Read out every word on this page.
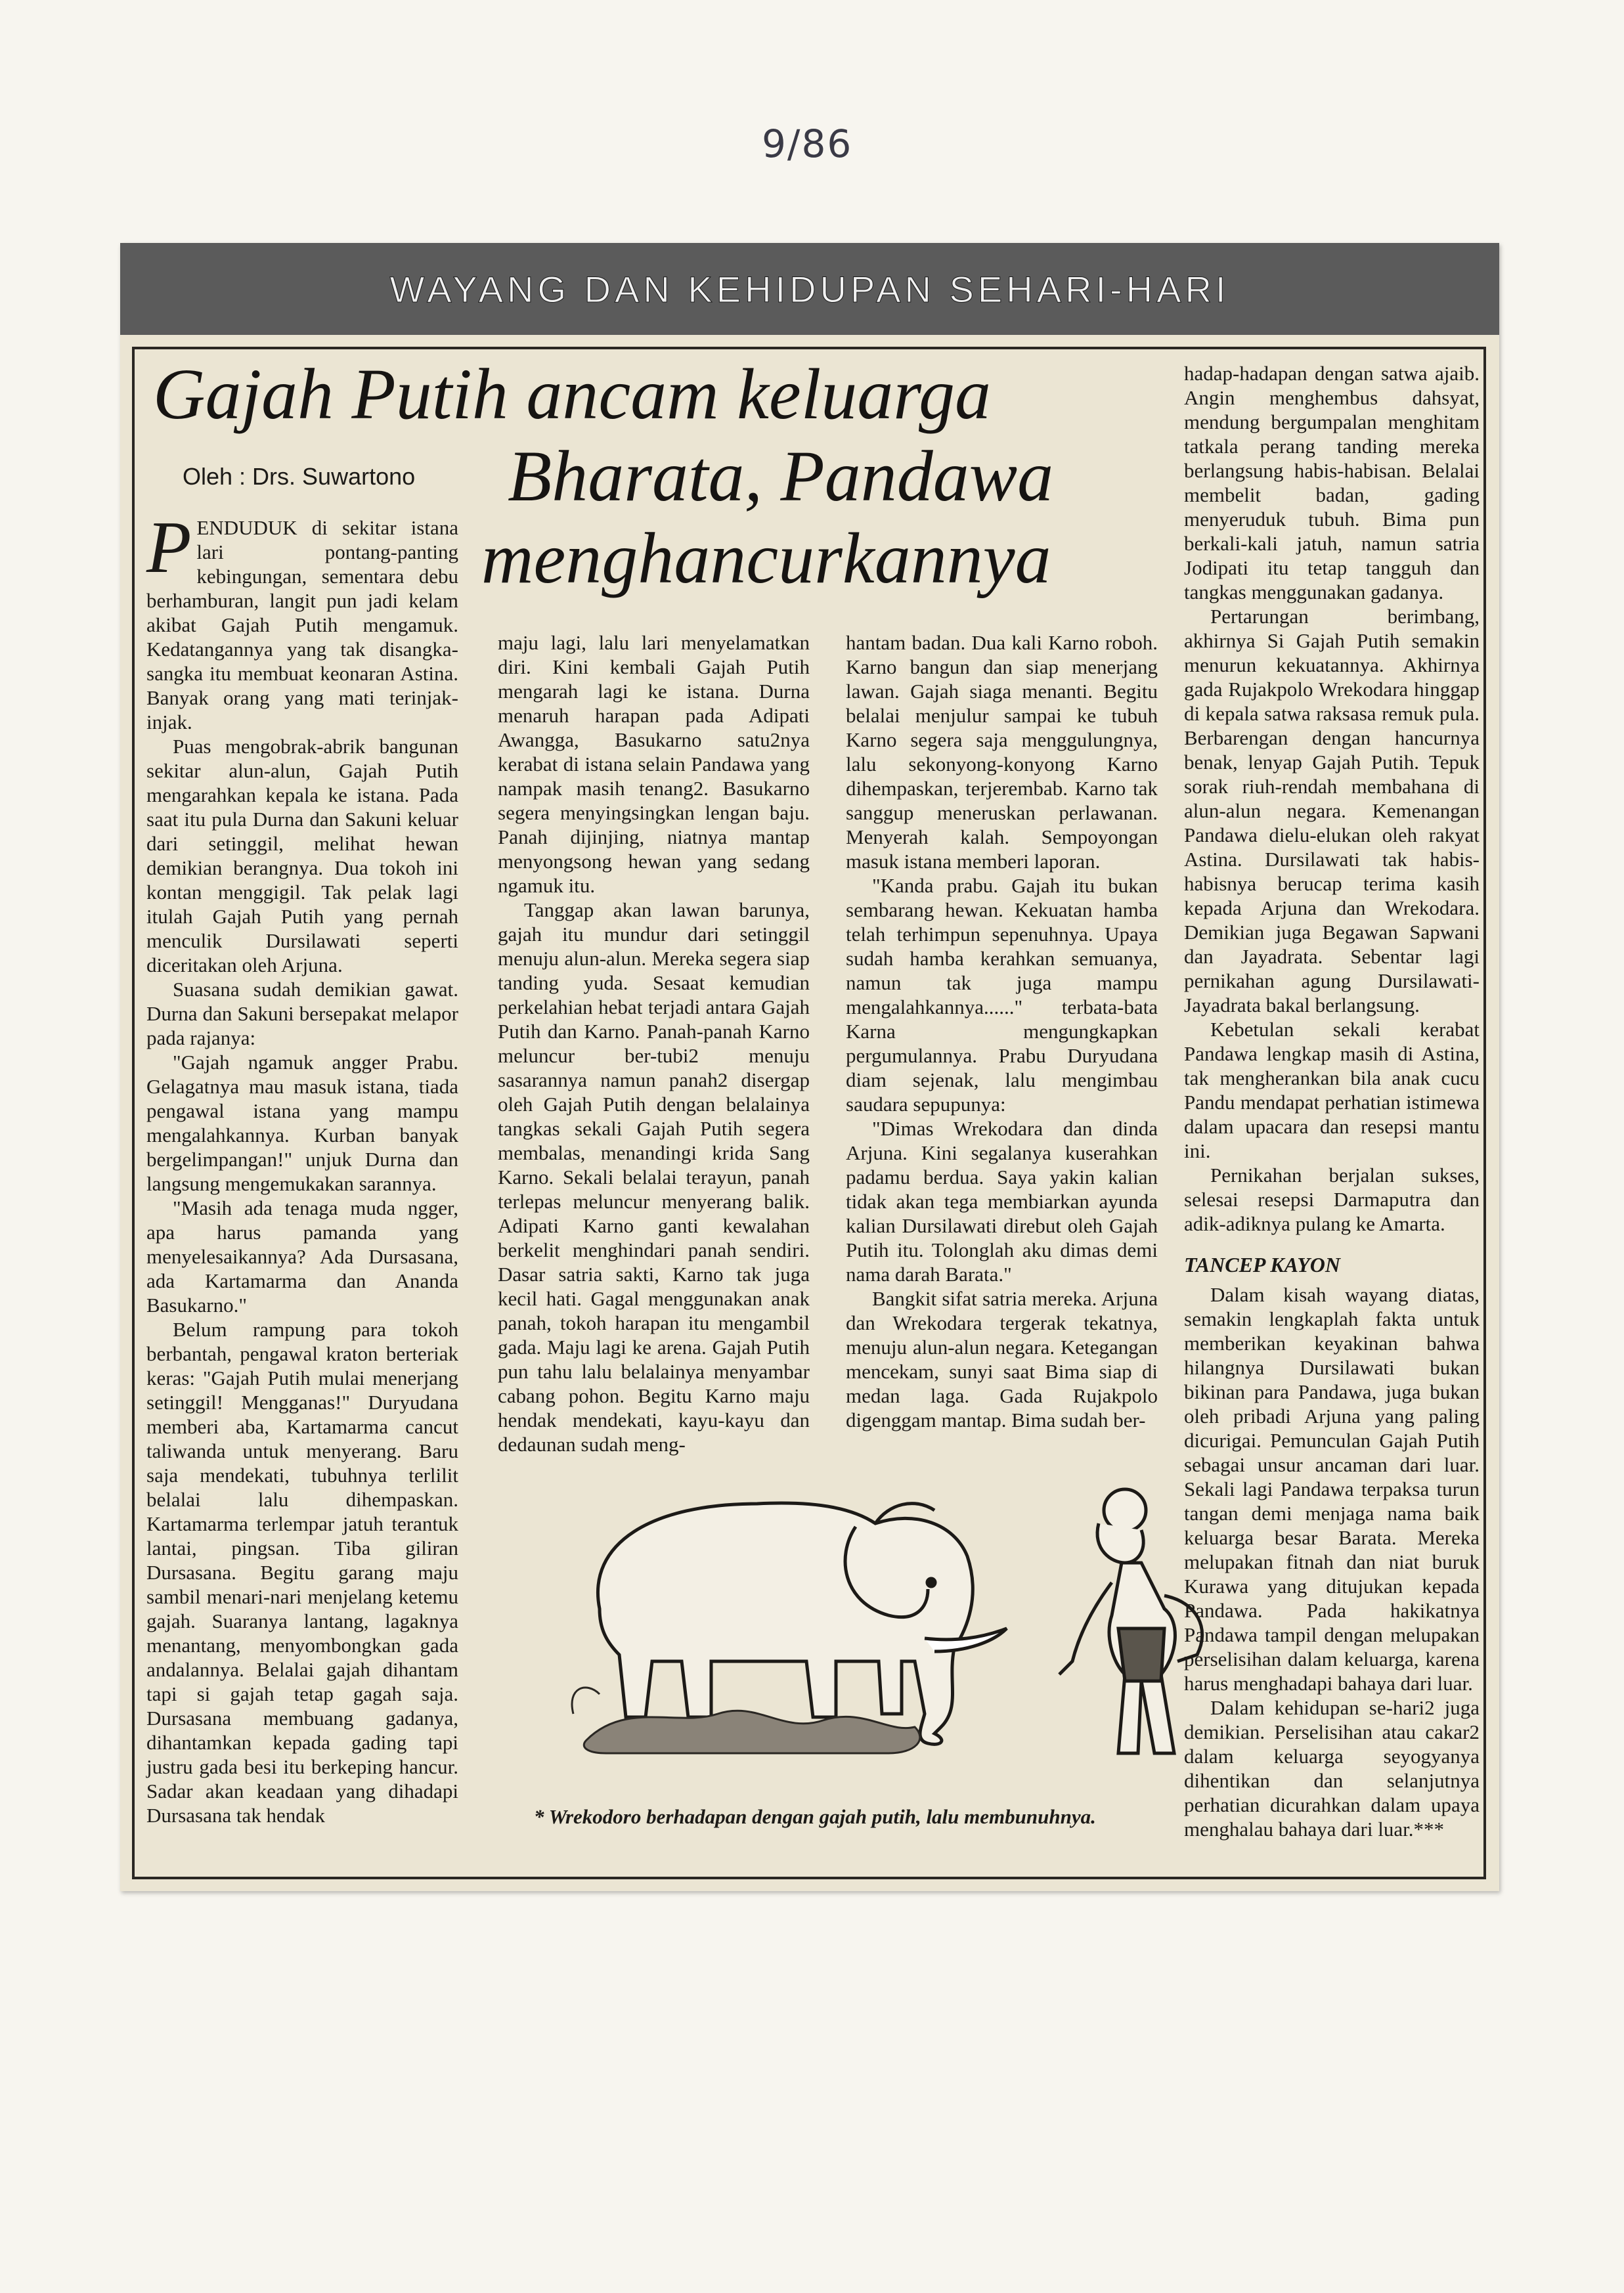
9/86
WAYANG DAN KEHIDUPAN SEHARI-HARI
Gajah Putih ancam keluarga
Bharata, Pandawa
menghancurkannya
Oleh : Drs. Suwartono

PENDUDUK di sekitar istana lari pontang-panting kebingungan, sementara debu berhamburan, langit pun jadi kelam akibat Gajah Putih mengamuk. Kedatangannya yang tak disangka-sangka itu membuat keonaran Astina. Banyak orang yang mati terinjak-injak.

Puas mengobrak-abrik bangunan sekitar alun-alun, Gajah Putih mengarahkan kepala ke istana. Pada saat itu pula Durna dan Sakuni keluar dari setinggil, melihat hewan demikian berangnya. Dua tokoh ini kontan menggigil. Tak pelak lagi itulah Gajah Putih yang pernah menculik Dursilawati seperti diceritakan oleh Arjuna.

Suasana sudah demikian gawat. Durna dan Sakuni bersepakat melapor pada rajanya:

"Gajah ngamuk angger Prabu. Gelagatnya mau masuk istana, tiada pengawal istana yang mampu mengalahkannya. Kurban banyak bergelimpangan!" unjuk Durna dan langsung mengemukakan sarannya.

"Masih ada tenaga muda ngger, apa harus pamanda yang menyelesaikannya? Ada Dursasana, ada Kartamarma dan Ananda Basukarno."

Belum rampung para tokoh berbantah, pengawal kraton berteriak keras: "Gajah Putih mulai menerjang setinggil! Mengganas!" Duryudana memberi aba, Kartamarma cancut taliwanda untuk menyerang. Baru saja mendekati, tubuhnya terlilit belalai lalu dihempaskan. Kartamarma terlempar jatuh terantuk lantai, pingsan. Tiba giliran Dursasana. Begitu garang maju sambil menari-nari menjelang ketemu gajah. Suaranya lantang, lagaknya menantang, menyombongkan gada andalannya. Belalai gajah dihantam tapi si gajah tetap gagah saja. Dursasana membuang gadanya, dihantamkan kepada gading tapi justru gada besi itu berkeping hancur. Sadar akan keadaan yang dihadapi Dursasana tak hendak

maju lagi, lalu lari menyelamatkan diri. Kini kembali Gajah Putih mengarah lagi ke istana. Durna menaruh harapan pada Adipati Awangga, Basukarno satu2nya kerabat di istana selain Pandawa yang nampak masih tenang2. Basukarno segera menyingsingkan lengan baju. Panah dijinjing, niatnya mantap menyongsong hewan yang sedang ngamuk itu.

Tanggap akan lawan barunya, gajah itu mundur dari setinggil menuju alun-alun. Mereka segera siap tanding yuda. Sesaat kemudian perkelahian hebat terjadi antara Gajah Putih dan Karno. Panah-panah Karno meluncur ber-tubi2 menuju sasarannya namun panah2 disergap oleh Gajah Putih dengan belalainya tangkas sekali Gajah Putih segera membalas, menandingi krida Sang Karno. Sekali belalai terayun, panah terlepas meluncur menyerang balik. Adipati Karno ganti kewalahan berkelit menghindari panah sendiri. Dasar satria sakti, Karno tak juga kecil hati. Gagal menggunakan anak panah, tokoh harapan itu mengambil gada. Maju lagi ke arena. Gajah Putih pun tahu lalu belalainya menyambar cabang pohon. Begitu Karno maju hendak mendekati, kayu-kayu dan dedaunan sudah meng-

hantam badan. Dua kali Karno roboh. Karno bangun dan siap menerjang lawan. Gajah siaga menanti. Begitu belalai menjulur sampai ke tubuh Karno segera saja menggulungnya, lalu sekonyong-konyong Karno dihempaskan, terjerembab. Karno tak sanggup meneruskan perlawanan. Menyerah kalah. Sempoyongan masuk istana memberi laporan.

"Kanda prabu. Gajah itu bukan sembarang hewan. Kekuatan hamba telah terhimpun sepenuhnya. Upaya sudah hamba kerahkan semuanya, namun tak juga mampu mengalahkannya......" terbata-bata Karna mengungkapkan pergumulannya. Prabu Duryudana diam sejenak, lalu mengimbau saudara sepupunya:

"Dimas Wrekodara dan dinda Arjuna. Kini segalanya kuserahkan padamu berdua. Saya yakin kalian tidak akan tega membiarkan ayunda kalian Dursilawati direbut oleh Gajah Putih itu. Tolonglah aku dimas demi nama darah Barata."

Bangkit sifat satria mereka. Arjuna dan Wrekodara tergerak tekatnya, menuju alun-alun negara. Ketegangan mencekam, sunyi saat Bima siap di medan laga. Gada Rujakpolo digenggam mantap. Bima sudah ber-

hadap-hadapan dengan satwa ajaib. Angin menghembus dahsyat, mendung bergumpalan menghitam tatkala perang tanding mereka berlangsung habis-habisan. Belalai membelit badan, gading menyeruduk tubuh. Bima pun berkali-kali jatuh, namun satria Jodipati itu tetap tangguh dan tangkas menggunakan gadanya.

Pertarungan berimbang, akhirnya Si Gajah Putih semakin menurun kekuatannya. Akhirnya gada Rujakpolo Wrekodara hinggap di kepala satwa raksasa remuk pula. Berbarengan dengan hancurnya benak, lenyap Gajah Putih. Tepuk sorak riuh-rendah membahana di alun-alun negara. Kemenangan Pandawa dielu-elukan oleh rakyat Astina. Dursilawati tak habis-habisnya berucap terima kasih kepada Arjuna dan Wrekodara. Demikian juga Begawan Sapwani dan Jayadrata. Sebentar lagi pernikahan agung Dursilawati-Jayadrata bakal berlangsung.

Kebetulan sekali kerabat Pandawa lengkap masih di Astina, tak mengherankan bila anak cucu Pandu mendapat perhatian istimewa dalam upacara dan resepsi mantu ini.

Pernikahan berjalan sukses, selesai resepsi Darmaputra dan adik-adiknya pulang ke Amarta.

TANCEP KAYON

Dalam kisah wayang diatas, semakin lengkaplah fakta untuk memberikan keyakinan bahwa hilangnya Dursilawati bukan bikinan para Pandawa, juga bukan oleh pribadi Arjuna yang paling dicurigai. Pemunculan Gajah Putih sebagai unsur ancaman dari luar. Sekali lagi Pandawa terpaksa turun tangan demi menjaga nama baik keluarga besar Barata. Mereka melupakan fitnah dan niat buruk Kurawa yang ditujukan kepada Pandawa. Pada hakikatnya Pandawa tampil dengan melupakan perselisihan dalam keluarga, karena harus menghadapi bahaya dari luar.

Dalam kehidupan se-hari2 juga demikian. Perselisihan atau cakar2 dalam keluarga seyogyanya dihentikan dan selanjutnya perhatian dicurahkan dalam upaya menghalau bahaya dari luar.***

* Wrekodoro berhadapan dengan gajah putih, lalu membunuhnya.
